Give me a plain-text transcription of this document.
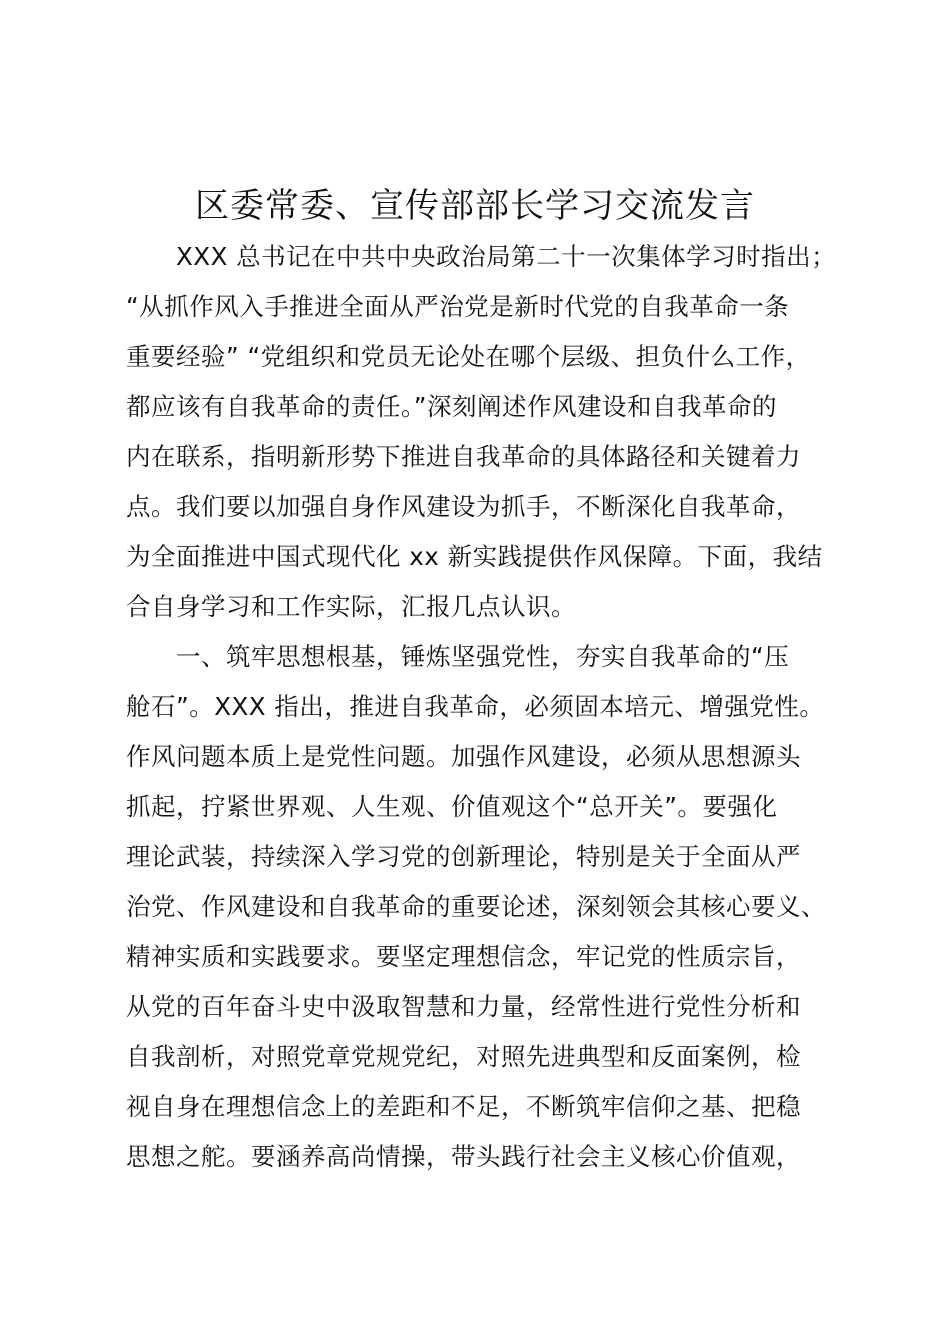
区委常委、宣传部部长学习交流发言
XXX 总书记在中共中央政治局第二十一次集体学习时指出；
“从抓作风入手推进全面从严治党是新时代党的自我革命一条
重要经验” “党组织和党员无论处在哪个层级、担负什么工作，
都应该有自我革命的责任。”深刻阐述作风建设和自我革命的
内在联系，指明新形势下推进自我革命的具体路径和关键着力
点。我们要以加强自身作风建设为抓手，不断深化自我革命，
为全面推进中国式现代化 xx 新实践提供作风保障。下面，我结
合自身学习和工作实际，汇报几点认识。
一、筑牢思想根基，锤炼坚强党性，夯实自我革命的“压
舱石”。XXX 指出，推进自我革命，必须固本培元、增强党性。
作风问题本质上是党性问题。加强作风建设，必须从思想源头
抓起，拧紧世界观、人生观、价值观这个“总开关”。要强化
理论武装，持续深入学习党的创新理论，特别是关于全面从严
治党、作风建设和自我革命的重要论述，深刻领会其核心要义、
精神实质和实践要求。要坚定理想信念，牢记党的性质宗旨，
从党的百年奋斗史中汲取智慧和力量，经常性进行党性分析和
自我剖析，对照党章党规党纪，对照先进典型和反面案例，检
视自身在理想信念上的差距和不足，不断筑牢信仰之基、把稳
思想之舵。要涵养高尚情操，带头践行社会主义核心价值观，
